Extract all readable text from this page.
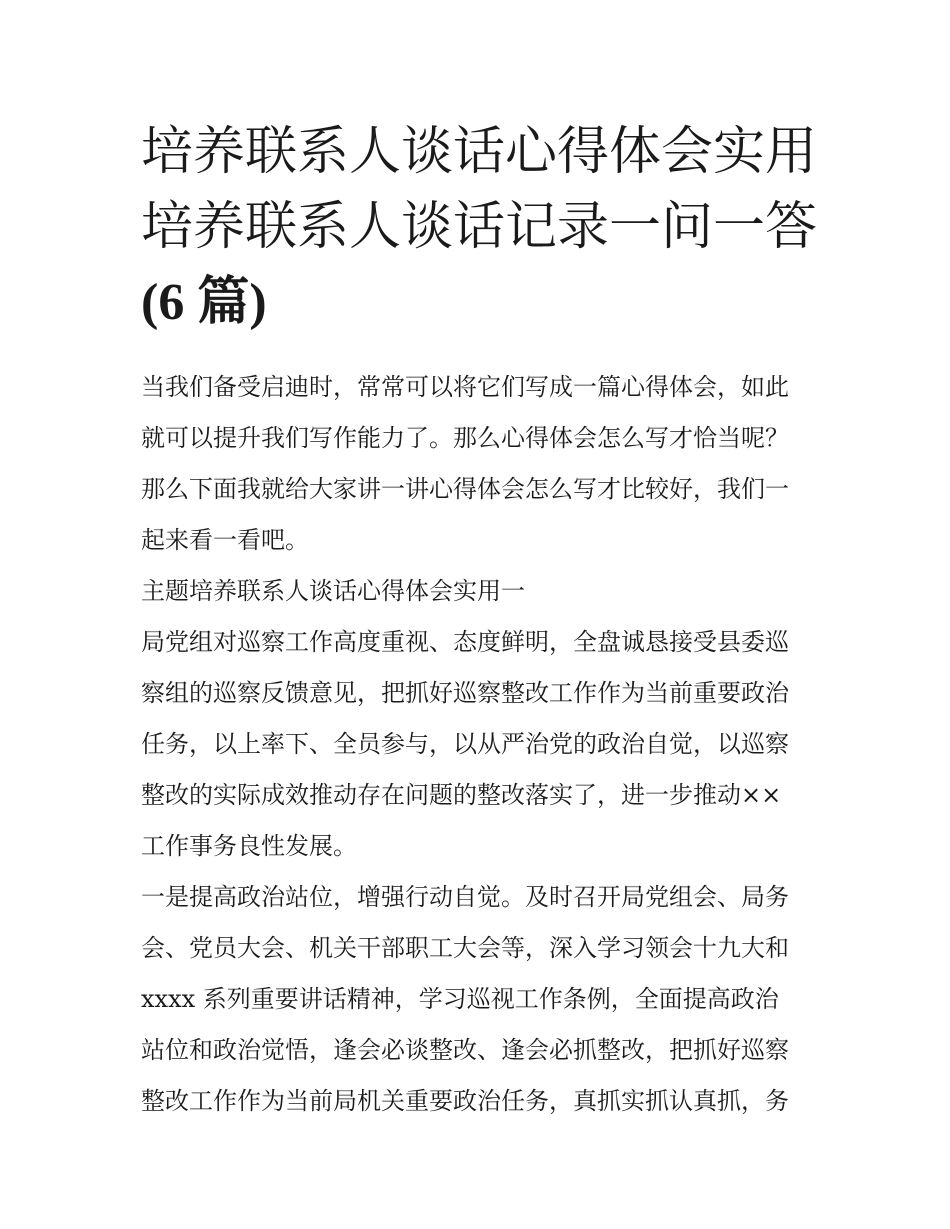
培养联系人谈话心得体会实用
培养联系人谈话记录一问一答
(6 篇)

当我们备受启迪时，常常可以将它们写成一篇心得体会，如此
就可以提升我们写作能力了。那么心得体会怎么写才恰当呢？
那么下面我就给大家讲一讲心得体会怎么写才比较好，我们一
起来看一看吧。

主题培养联系人谈话心得体会实用一

局党组对巡察工作高度重视、态度鲜明，全盘诚恳接受县委巡
察组的巡察反馈意见，把抓好巡察整改工作作为当前重要政治
任务，以上率下、全员参与，以从严治党的政治自觉，以巡察
整改的实际成效推动存在问题的整改落实了，进一步推动××
工作事务良性发展。

一是提高政治站位，增强行动自觉。及时召开局党组会、局务
会、党员大会、机关干部职工大会等，深入学习领会十九大和
xxxx 系列重要讲话精神，学习巡视工作条例，全面提高政治
站位和政治觉悟，逢会必谈整改、逢会必抓整改，把抓好巡察
整改工作作为当前局机关重要政治任务，真抓实抓认真抓，务
